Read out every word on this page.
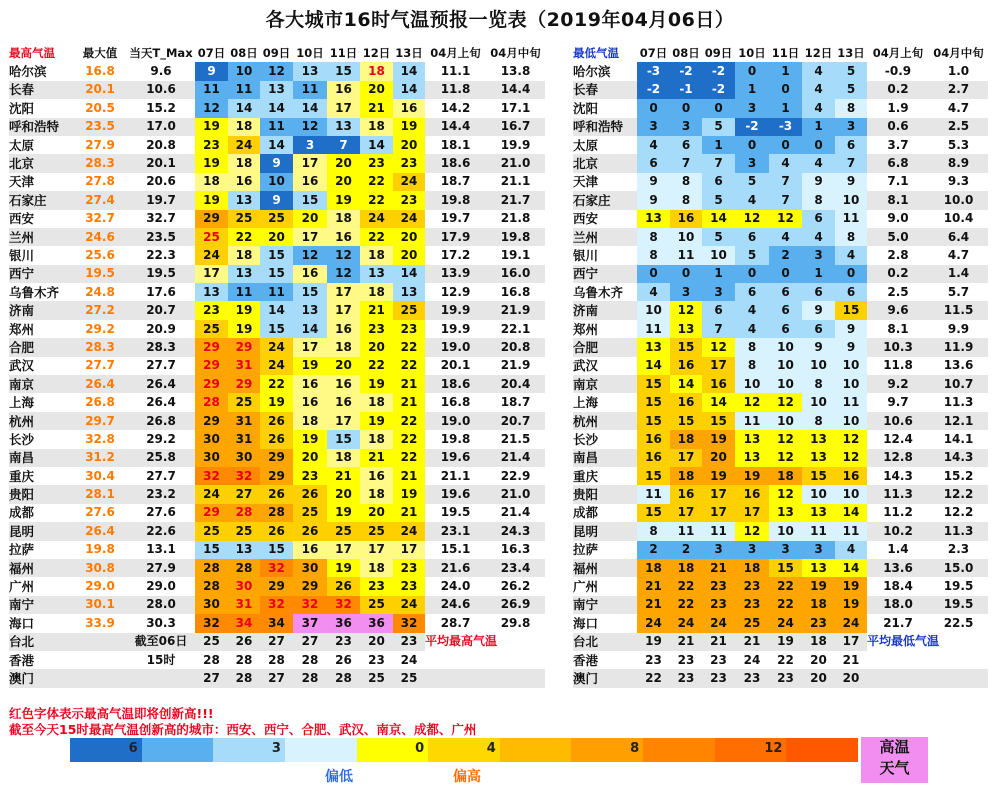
各大城市16时气温预报一览表（2019年04月06日）
最高气温	最大值	当天T_Max	07日	08日	09日	10日	11日	12日	13日	04月上旬	04月中旬
哈尔滨	16.8	9.6	9	10	12	13	15	18	14	11.1	13.8
长春	20.1	10.6	11	11	13	11	16	20	14	11.8	14.4
沈阳	20.5	15.2	12	14	14	14	17	21	16	14.2	17.1
呼和浩特	23.5	17.0	19	18	11	12	13	18	19	14.4	16.7
太原	27.9	20.8	23	24	14	3	7	14	20	18.1	19.9
北京	28.3	20.1	19	18	9	17	20	23	23	18.6	21.0
天津	27.8	20.6	18	16	10	16	20	22	24	18.7	21.1
石家庄	27.4	19.7	19	13	9	15	19	22	23	19.8	21.7
西安	32.7	32.7	29	25	25	20	18	24	24	19.7	21.8
兰州	24.6	23.5	25	22	20	17	16	22	20	17.9	19.8
银川	25.6	22.3	24	18	15	12	12	18	20	17.2	19.1
西宁	19.5	19.5	17	13	15	16	12	13	14	13.9	16.0
乌鲁木齐	24.8	17.6	13	11	11	15	17	18	13	12.9	16.8
济南	27.2	20.7	23	19	14	13	17	21	25	19.9	21.9
郑州	29.2	20.9	25	19	15	14	16	23	23	19.9	22.1
合肥	28.3	28.3	29	29	24	17	18	20	22	19.0	20.8
武汉	27.7	27.7	29	31	24	19	20	22	22	20.1	21.9
南京	26.4	26.4	29	29	22	16	16	19	21	18.6	20.4
上海	26.8	26.4	28	25	19	16	16	18	21	16.8	18.7
杭州	29.7	26.8	29	31	26	18	17	19	22	19.0	20.7
长沙	32.8	29.2	30	31	26	19	15	18	22	19.8	21.5
南昌	31.2	25.8	30	30	29	20	18	21	22	19.6	21.4
重庆	30.4	27.7	32	32	29	23	21	16	21	21.1	22.9
贵阳	28.1	23.2	24	27	26	26	20	18	19	19.6	21.0
成都	27.6	27.6	29	28	28	25	19	20	21	19.5	21.4
昆明	26.4	22.6	25	25	26	26	25	25	24	23.1	24.3
拉萨	19.8	13.1	15	13	15	16	17	17	17	15.1	16.3
福州	30.8	27.9	28	28	32	30	19	18	23	21.6	23.4
广州	29.0	29.0	28	30	29	29	26	23	23	24.0	26.2
南宁	30.1	28.0	30	31	32	32	32	25	24	24.6	26.9
海口	33.9	30.3	32	34	34	37	36	36	32	28.7	29.8
台北		截至06日	25	26	27	27	23	20	23	平均最高气温	
香港		15时	28	28	28	28	26	23	24		
澳门			27	28	27	28	28	25	25		
最低气温	07日	08日	09日	10日	11日	12日	13日	04月上旬	04月中旬
哈尔滨	-3	-2	-2	0	1	4	5	-0.9	1.0
长春	-2	-1	-2	1	0	4	5	0.2	2.7
沈阳	0	0	0	3	1	4	8	1.9	4.7
呼和浩特	3	3	5	-2	-3	1	3	0.6	2.5
太原	4	6	1	0	0	0	6	3.7	5.3
北京	6	7	7	3	4	4	7	6.8	8.9
天津	9	8	6	5	7	9	9	7.1	9.3
石家庄	9	8	5	4	7	8	10	8.1	10.0
西安	13	16	14	12	12	6	11	9.0	10.4
兰州	8	10	5	6	4	4	8	5.0	6.4
银川	8	11	10	5	2	3	4	2.8	4.7
西宁	0	0	1	0	0	1	0	0.2	1.4
乌鲁木齐	4	3	3	6	6	6	6	2.5	5.7
济南	10	12	6	4	6	9	15	9.6	11.5
郑州	11	13	7	4	6	6	9	8.1	9.9
合肥	13	15	12	8	10	9	9	10.3	11.9
武汉	14	16	17	8	10	10	10	11.8	13.6
南京	15	14	16	10	10	8	10	9.2	10.7
上海	15	16	14	12	12	10	11	9.7	11.3
杭州	15	15	15	11	10	8	10	10.6	12.1
长沙	16	18	19	13	12	13	12	12.4	14.1
南昌	16	17	20	13	12	13	12	12.8	14.3
重庆	15	18	19	19	18	15	16	14.3	15.2
贵阳	11	16	17	16	12	10	10	11.3	12.2
成都	15	17	17	17	13	13	14	11.2	12.2
昆明	8	11	11	12	10	11	11	10.2	11.3
拉萨	2	2	3	3	3	3	4	1.4	2.3
福州	18	18	21	18	15	13	14	13.6	15.0
广州	21	22	23	23	22	19	19	18.4	19.5
南宁	21	22	23	23	22	18	19	18.0	19.5
海口	24	24	24	25	24	23	24	21.7	22.5
台北	19	21	21	21	19	18	17	平均最低气温	
香港	23	23	23	24	22	20	21		
澳门	22	23	23	23	23	20	20		
红色字体表示最高气温即将创新高!!!
截至今天15时最高气温创新高的城市：西安、西宁、合肥、武汉、南京、成都、广州
6	3	0	4	8	12
偏低	偏高
高温
天气
